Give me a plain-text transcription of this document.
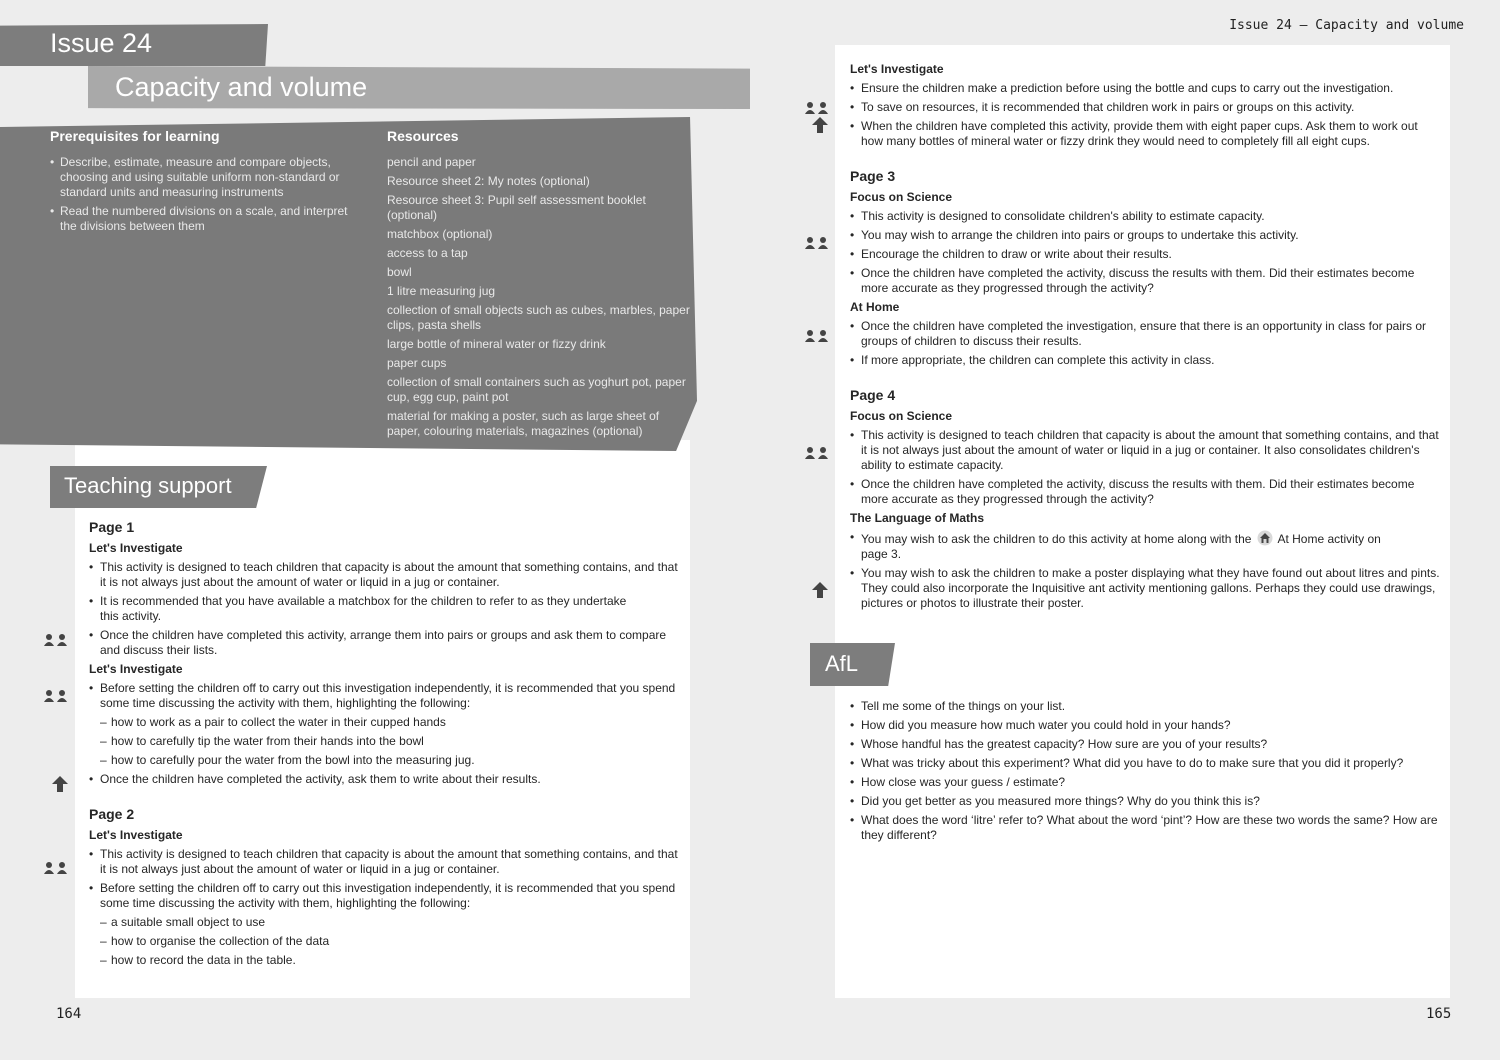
Issue 24
Capacity and volume
Issue 24 – Capacity and volume
Prerequisites for learning
• Describe, estimate, measure and compare objects, choosing and using suitable uniform non-standard or standard units and measuring instruments
• Read the numbered divisions on a scale, and interpret the divisions between them
Resources
pencil and paper
Resource sheet 2: My notes (optional)
Resource sheet 3: Pupil self assessment booklet (optional)
matchbox (optional)
access to a tap
bowl
1 litre measuring jug
collection of small objects such as cubes, marbles, paper clips, pasta shells
large bottle of mineral water or fizzy drink
paper cups
collection of small containers such as yoghurt pot, paper cup, egg cup, paint pot
material for making a poster, such as large sheet of paper, colouring materials, magazines (optional)
Teaching support
Page 1
Let's Investigate
• This activity is designed to teach children that capacity is about the amount that something contains, and that it is not always just about the amount of water or liquid in a jug or container.
• It is recommended that you have available a matchbox for the children to refer to as they undertake this activity.
• Once the children have completed this activity, arrange them into pairs or groups and ask them to compare and discuss their lists.
Let's Investigate
• Before setting the children off to carry out this investigation independently, it is recommended that you spend some time discussing the activity with them, highlighting the following:
– how to work as a pair to collect the water in their cupped hands
– how to carefully tip the water from their hands into the bowl
– how to carefully pour the water from the bowl into the measuring jug.
• Once the children have completed the activity, ask them to write about their results.
Page 2
Let's Investigate
• This activity is designed to teach children that capacity is about the amount that something contains, and that it is not always just about the amount of water or liquid in a jug or container.
• Before setting the children off to carry out this investigation independently, it is recommended that you spend some time discussing the activity with them, highlighting the following:
– a suitable small object to use
– how to organise the collection of the data
– how to record the data in the table.
Let's Investigate
• Ensure the children make a prediction before using the bottle and cups to carry out the investigation.
• To save on resources, it is recommended that children work in pairs or groups on this activity.
• When the children have completed this activity, provide them with eight paper cups. Ask them to work out how many bottles of mineral water or fizzy drink they would need to completely fill all eight cups.
Page 3
Focus on Science
• This activity is designed to consolidate children's ability to estimate capacity.
• You may wish to arrange the children into pairs or groups to undertake this activity.
• Encourage the children to draw or write about their results.
• Once the children have completed the activity, discuss the results with them. Did their estimates become more accurate as they progressed through the activity?
At Home
• Once the children have completed the investigation, ensure that there is an opportunity in class for pairs or groups of children to discuss their results.
• If more appropriate, the children can complete this activity in class.
Page 4
Focus on Science
• This activity is designed to teach children that capacity is about the amount that something contains, and that it is not always just about the amount of water or liquid in a jug or container. It also consolidates children's ability to estimate capacity.
• Once the children have completed the activity, discuss the results with them. Did their estimates become more accurate as they progressed through the activity?
The Language of Maths
• You may wish to ask the children to do this activity at home along with the At Home activity on page 3.
• You may wish to ask the children to make a poster displaying what they have found out about litres and pints. They could also incorporate the Inquisitive ant activity mentioning gallons. Perhaps they could use drawings, pictures or photos to illustrate their poster.
AfL
• Tell me some of the things on your list.
• How did you measure how much water you could hold in your hands?
• Whose handful has the greatest capacity? How sure are you of your results?
• What was tricky about this experiment? What did you have to do to make sure that you did it properly?
• How close was your guess / estimate?
• Did you get better as you measured more things? Why do you think this is?
• What does the word ‘litre’ refer to? What about the word ‘pint’? How are these two words the same? How are they different?
164	165
